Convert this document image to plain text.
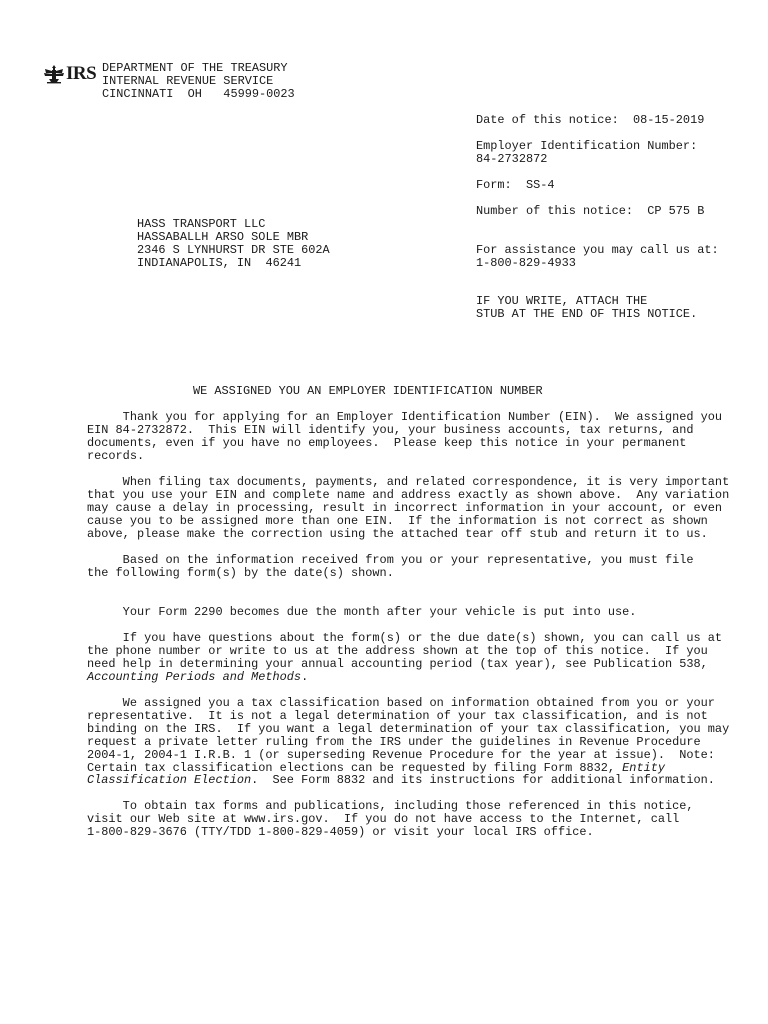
IRS DEPARTMENT OF THE TREASURY
INTERNAL REVENUE SERVICE
CINCINNATI  OH   45999-0023
Date of this notice:  08-15-2019
Employer Identification Number:
84-2732872
Form:  SS-4
Number of this notice:  CP 575 B
For assistance you may call us at:
1-800-829-4933
IF YOU WRITE, ATTACH THE
STUB AT THE END OF THIS NOTICE.
HASS TRANSPORT LLC
HASSABALLH ARSO SOLE MBR
2346 S LYNHURST DR STE 602A
INDIANAPOLIS, IN  46241
WE ASSIGNED YOU AN EMPLOYER IDENTIFICATION NUMBER
Thank you for applying for an Employer Identification Number (EIN).  We assigned you
EIN 84-2732872.  This EIN will identify you, your business accounts, tax returns, and
documents, even if you have no employees.  Please keep this notice in your permanent
records.
When filing tax documents, payments, and related correspondence, it is very important
that you use your EIN and complete name and address exactly as shown above.  Any variation
may cause a delay in processing, result in incorrect information in your account, or even
cause you to be assigned more than one EIN.  If the information is not correct as shown
above, please make the correction using the attached tear off stub and return it to us.
Based on the information received from you or your representative, you must file
the following form(s) by the date(s) shown.
Your Form 2290 becomes due the month after your vehicle is put into use.
If you have questions about the form(s) or the due date(s) shown, you can call us at
the phone number or write to us at the address shown at the top of this notice.  If you
need help in determining your annual accounting period (tax year), see Publication 538,
Accounting Periods and Methods.
We assigned you a tax classification based on information obtained from you or your
representative.  It is not a legal determination of your tax classification, and is not
binding on the IRS.  If you want a legal determination of your tax classification, you may
request a private letter ruling from the IRS under the guidelines in Revenue Procedure
2004-1, 2004-1 I.R.B. 1 (or superseding Revenue Procedure for the year at issue).  Note:
Certain tax classification elections can be requested by filing Form 8832, Entity
Classification Election.  See Form 8832 and its instructions for additional information.
To obtain tax forms and publications, including those referenced in this notice,
visit our Web site at www.irs.gov.  If you do not have access to the Internet, call
1-800-829-3676 (TTY/TDD 1-800-829-4059) or visit your local IRS office.
